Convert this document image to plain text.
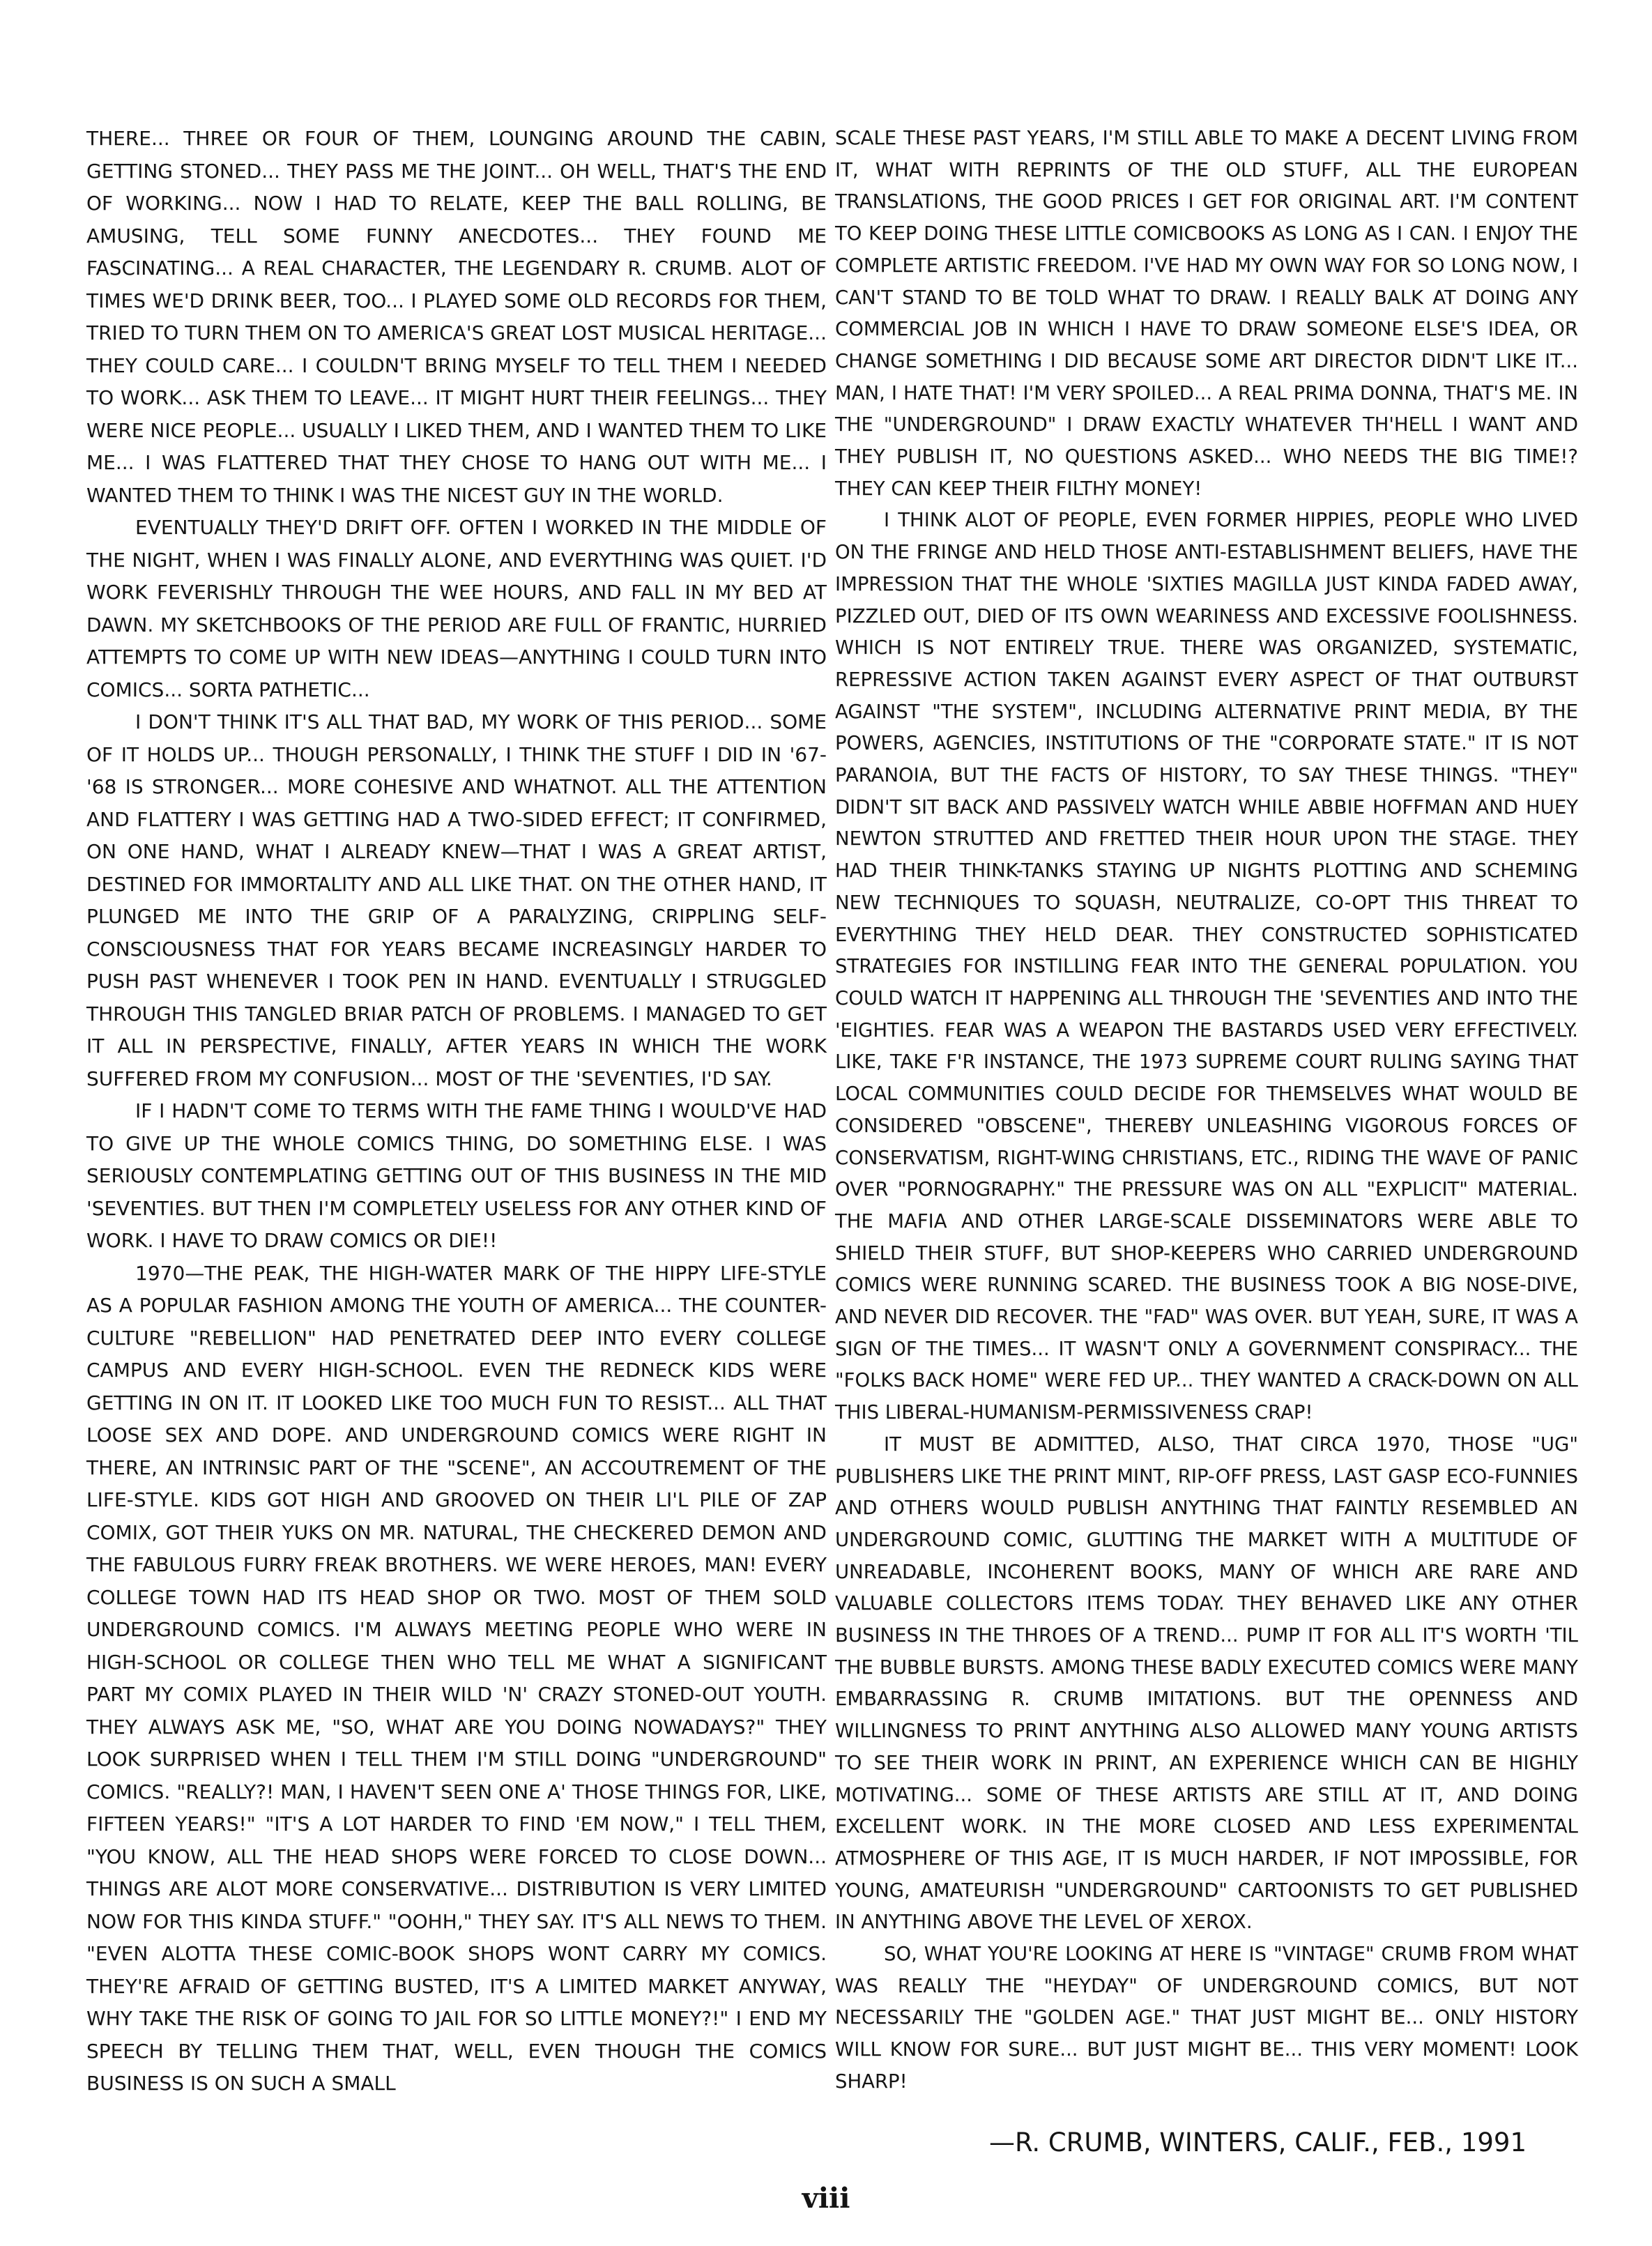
THERE... THREE OR FOUR OF THEM, LOUNGING AROUND THE CABIN, GETTING STONED... THEY PASS ME THE JOINT... OH WELL, THAT'S THE END OF WORKING... NOW I HAD TO RELATE, KEEP THE BALL ROLLING, BE AMUSING, TELL SOME FUNNY ANECDOTES... THEY FOUND ME FASCINATING... A REAL CHARACTER, THE LEGENDARY R. CRUMB. ALOT OF TIMES WE'D DRINK BEER, TOO... I PLAYED SOME OLD RECORDS FOR THEM, TRIED TO TURN THEM ON TO AMERICA'S GREAT LOST MUSICAL HERITAGE... THEY COULD CARE... I COULDN'T BRING MYSELF TO TELL THEM I NEEDED TO WORK... ASK THEM TO LEAVE... IT MIGHT HURT THEIR FEELINGS... THEY WERE NICE PEOPLE... USUALLY I LIKED THEM, AND I WANTED THEM TO LIKE ME... I WAS FLATTERED THAT THEY CHOSE TO HANG OUT WITH ME... I WANTED THEM TO THINK I WAS THE NICEST GUY IN THE WORLD.

EVENTUALLY THEY'D DRIFT OFF. OFTEN I WORKED IN THE MIDDLE OF THE NIGHT, WHEN I WAS FINALLY ALONE, AND EVERYTHING WAS QUIET. I'D WORK FEVERISHLY THROUGH THE WEE HOURS, AND FALL IN MY BED AT DAWN. MY SKETCHBOOKS OF THE PERIOD ARE FULL OF FRANTIC, HURRIED ATTEMPTS TO COME UP WITH NEW IDEAS—ANYTHING I COULD TURN INTO COMICS... SORTA PATHETIC...

I DON'T THINK IT'S ALL THAT BAD, MY WORK OF THIS PERIOD... SOME OF IT HOLDS UP... THOUGH PERSONALLY, I THINK THE STUFF I DID IN '67-'68 IS STRONGER... MORE COHESIVE AND WHATNOT. ALL THE ATTENTION AND FLATTERY I WAS GETTING HAD A TWO-SIDED EFFECT; IT CONFIRMED, ON ONE HAND, WHAT I ALREADY KNEW—THAT I WAS A GREAT ARTIST, DESTINED FOR IMMORTALITY AND ALL LIKE THAT. ON THE OTHER HAND, IT PLUNGED ME INTO THE GRIP OF A PARALYZING, CRIPPLING SELF-CONSCIOUSNESS THAT FOR YEARS BECAME INCREASINGLY HARDER TO PUSH PAST WHENEVER I TOOK PEN IN HAND. EVENTUALLY I STRUGGLED THROUGH THIS TANGLED BRIAR PATCH OF PROBLEMS. I MANAGED TO GET IT ALL IN PERSPECTIVE, FINALLY, AFTER YEARS IN WHICH THE WORK SUFFERED FROM MY CONFUSION... MOST OF THE 'SEVENTIES, I'D SAY.

IF I HADN'T COME TO TERMS WITH THE FAME THING I WOULD'VE HAD TO GIVE UP THE WHOLE COMICS THING, DO SOMETHING ELSE. I WAS SERIOUSLY CONTEMPLATING GETTING OUT OF THIS BUSINESS IN THE MID 'SEVENTIES. BUT THEN I'M COMPLETELY USELESS FOR ANY OTHER KIND OF WORK. I HAVE TO DRAW COMICS OR DIE!!

1970—THE PEAK, THE HIGH-WATER MARK OF THE HIPPY LIFE-STYLE AS A POPULAR FASHION AMONG THE YOUTH OF AMERICA... THE COUNTER-CULTURE "REBELLION" HAD PENETRATED DEEP INTO EVERY COLLEGE CAMPUS AND EVERY HIGH-SCHOOL. EVEN THE REDNECK KIDS WERE GETTING IN ON IT. IT LOOKED LIKE TOO MUCH FUN TO RESIST... ALL THAT LOOSE SEX AND DOPE. AND UNDERGROUND COMICS WERE RIGHT IN THERE, AN INTRINSIC PART OF THE "SCENE", AN ACCOUTREMENT OF THE LIFE-STYLE. KIDS GOT HIGH AND GROOVED ON THEIR LI'L PILE OF ZAP COMIX, GOT THEIR YUKS ON MR. NATURAL, THE CHECKERED DEMON AND THE FABULOUS FURRY FREAK BROTHERS. WE WERE HEROES, MAN! EVERY COLLEGE TOWN HAD ITS HEAD SHOP OR TWO. MOST OF THEM SOLD UNDERGROUND COMICS. I'M ALWAYS MEETING PEOPLE WHO WERE IN HIGH-SCHOOL OR COLLEGE THEN WHO TELL ME WHAT A SIGNIFICANT PART MY COMIX PLAYED IN THEIR WILD 'N' CRAZY STONED-OUT YOUTH. THEY ALWAYS ASK ME, "SO, WHAT ARE YOU DOING NOWADAYS?" THEY LOOK SURPRISED WHEN I TELL THEM I'M STILL DOING "UNDERGROUND" COMICS. "REALLY?! MAN, I HAVEN'T SEEN ONE A' THOSE THINGS FOR, LIKE, FIFTEEN YEARS!" "IT'S A LOT HARDER TO FIND 'EM NOW," I TELL THEM, "YOU KNOW, ALL THE HEAD SHOPS WERE FORCED TO CLOSE DOWN... THINGS ARE ALOT MORE CONSERVATIVE... DISTRIBUTION IS VERY LIMITED NOW FOR THIS KINDA STUFF." "OOHH," THEY SAY. IT'S ALL NEWS TO THEM. "EVEN ALOTTA THESE COMIC-BOOK SHOPS WONT CARRY MY COMICS. THEY'RE AFRAID OF GETTING BUSTED, IT'S A LIMITED MARKET ANYWAY, WHY TAKE THE RISK OF GOING TO JAIL FOR SO LITTLE MONEY?!" I END MY SPEECH BY TELLING THEM THAT, WELL, EVEN THOUGH THE COMICS BUSINESS IS ON SUCH A SMALL

SCALE THESE PAST YEARS, I'M STILL ABLE TO MAKE A DECENT LIVING FROM IT, WHAT WITH REPRINTS OF THE OLD STUFF, ALL THE EUROPEAN TRANSLATIONS, THE GOOD PRICES I GET FOR ORIGINAL ART. I'M CONTENT TO KEEP DOING THESE LITTLE COMICBOOKS AS LONG AS I CAN. I ENJOY THE COMPLETE ARTISTIC FREEDOM. I'VE HAD MY OWN WAY FOR SO LONG NOW, I CAN'T STAND TO BE TOLD WHAT TO DRAW. I REALLY BALK AT DOING ANY COMMERCIAL JOB IN WHICH I HAVE TO DRAW SOMEONE ELSE'S IDEA, OR CHANGE SOMETHING I DID BECAUSE SOME ART DIRECTOR DIDN'T LIKE IT... MAN, I HATE THAT! I'M VERY SPOILED... A REAL PRIMA DONNA, THAT'S ME. IN THE "UNDERGROUND" I DRAW EXACTLY WHATEVER TH'HELL I WANT AND THEY PUBLISH IT, NO QUESTIONS ASKED... WHO NEEDS THE BIG TIME!? THEY CAN KEEP THEIR FILTHY MONEY!

I THINK ALOT OF PEOPLE, EVEN FORMER HIPPIES, PEOPLE WHO LIVED ON THE FRINGE AND HELD THOSE ANTI-ESTABLISHMENT BELIEFS, HAVE THE IMPRESSION THAT THE WHOLE 'SIXTIES MAGILLA JUST KINDA FADED AWAY, PIZZLED OUT, DIED OF ITS OWN WEARINESS AND EXCESSIVE FOOLISHNESS. WHICH IS NOT ENTIRELY TRUE. THERE WAS ORGANIZED, SYSTEMATIC, REPRESSIVE ACTION TAKEN AGAINST EVERY ASPECT OF THAT OUTBURST AGAINST "THE SYSTEM", INCLUDING ALTERNATIVE PRINT MEDIA, BY THE POWERS, AGENCIES, INSTITUTIONS OF THE "CORPORATE STATE." IT IS NOT PARANOIA, BUT THE FACTS OF HISTORY, TO SAY THESE THINGS. "THEY" DIDN'T SIT BACK AND PASSIVELY WATCH WHILE ABBIE HOFFMAN AND HUEY NEWTON STRUTTED AND FRETTED THEIR HOUR UPON THE STAGE. THEY HAD THEIR THINK-TANKS STAYING UP NIGHTS PLOTTING AND SCHEMING NEW TECHNIQUES TO SQUASH, NEUTRALIZE, CO-OPT THIS THREAT TO EVERYTHING THEY HELD DEAR. THEY CONSTRUCTED SOPHISTICATED STRATEGIES FOR INSTILLING FEAR INTO THE GENERAL POPULATION. YOU COULD WATCH IT HAPPENING ALL THROUGH THE 'SEVENTIES AND INTO THE 'EIGHTIES. FEAR WAS A WEAPON THE BASTARDS USED VERY EFFECTIVELY. LIKE, TAKE F'R INSTANCE, THE 1973 SUPREME COURT RULING SAYING THAT LOCAL COMMUNITIES COULD DECIDE FOR THEMSELVES WHAT WOULD BE CONSIDERED "OBSCENE", THEREBY UNLEASHING VIGOROUS FORCES OF CONSERVATISM, RIGHT-WING CHRISTIANS, ETC., RIDING THE WAVE OF PANIC OVER "PORNOGRAPHY." THE PRESSURE WAS ON ALL "EXPLICIT" MATERIAL. THE MAFIA AND OTHER LARGE-SCALE DISSEMINATORS WERE ABLE TO SHIELD THEIR STUFF, BUT SHOP-KEEPERS WHO CARRIED UNDERGROUND COMICS WERE RUNNING SCARED. THE BUSINESS TOOK A BIG NOSE-DIVE, AND NEVER DID RECOVER. THE "FAD" WAS OVER. BUT YEAH, SURE, IT WAS A SIGN OF THE TIMES... IT WASN'T ONLY A GOVERNMENT CONSPIRACY... THE "FOLKS BACK HOME" WERE FED UP... THEY WANTED A CRACK-DOWN ON ALL THIS LIBERAL-HUMANISM-PERMISSIVENESS CRAP!

IT MUST BE ADMITTED, ALSO, THAT CIRCA 1970, THOSE "UG" PUBLISHERS LIKE THE PRINT MINT, RIP-OFF PRESS, LAST GASP ECO-FUNNIES AND OTHERS WOULD PUBLISH ANYTHING THAT FAINTLY RESEMBLED AN UNDERGROUND COMIC, GLUTTING THE MARKET WITH A MULTITUDE OF UNREADABLE, INCOHERENT BOOKS, MANY OF WHICH ARE RARE AND VALUABLE COLLECTORS ITEMS TODAY. THEY BEHAVED LIKE ANY OTHER BUSINESS IN THE THROES OF A TREND... PUMP IT FOR ALL IT'S WORTH 'TIL THE BUBBLE BURSTS. AMONG THESE BADLY EXECUTED COMICS WERE MANY EMBARRASSING R. CRUMB IMITATIONS. BUT THE OPENNESS AND WILLINGNESS TO PRINT ANYTHING ALSO ALLOWED MANY YOUNG ARTISTS TO SEE THEIR WORK IN PRINT, AN EXPERIENCE WHICH CAN BE HIGHLY MOTIVATING... SOME OF THESE ARTISTS ARE STILL AT IT, AND DOING EXCELLENT WORK. IN THE MORE CLOSED AND LESS EXPERIMENTAL ATMOSPHERE OF THIS AGE, IT IS MUCH HARDER, IF NOT IMPOSSIBLE, FOR YOUNG, AMATEURISH "UNDERGROUND" CARTOONISTS TO GET PUBLISHED IN ANYTHING ABOVE THE LEVEL OF XEROX.

SO, WHAT YOU'RE LOOKING AT HERE IS "VINTAGE" CRUMB FROM WHAT WAS REALLY THE "HEYDAY" OF UNDERGROUND COMICS, BUT NOT NECESSARILY THE "GOLDEN AGE." THAT JUST MIGHT BE... ONLY HISTORY WILL KNOW FOR SURE... BUT JUST MIGHT BE... THIS VERY MOMENT! LOOK SHARP!

—R. CRUMB, WINTERS, CALIF., FEB., 1991
viii
